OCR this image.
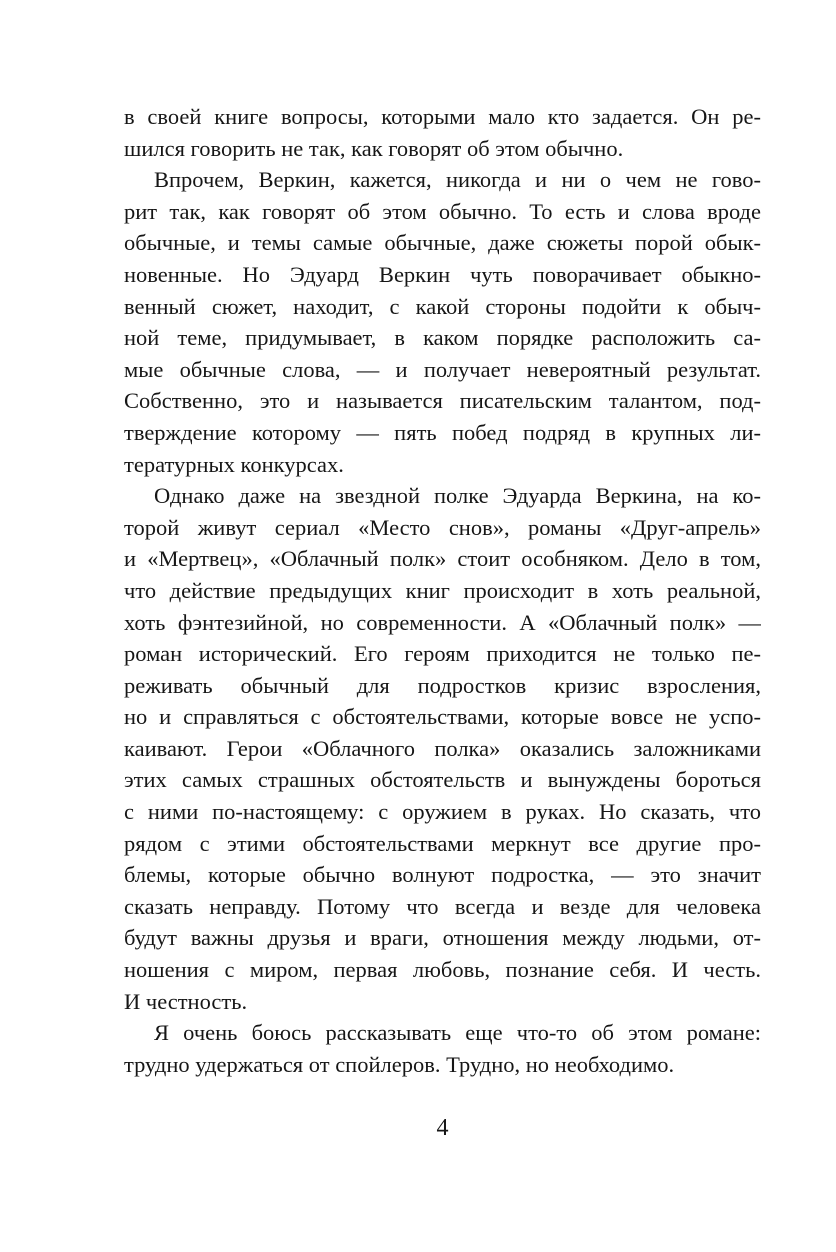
в своей книге вопросы, которыми мало кто задается. Он ре-
шился говорить не так, как говорят об этом обычно.
Впрочем, Веркин, кажется, никогда и ни о чем не гово-
рит так, как говорят об этом обычно. То есть и слова вроде
обычные, и темы самые обычные, даже сюжеты порой обык-
новенные. Но Эдуард Веркин чуть поворачивает обыкно-
венный сюжет, находит, с какой стороны подойти к обыч-
ной теме, придумывает, в каком порядке расположить са-
мые обычные слова, — и получает невероятный результат.
Собственно, это и называется писательским талантом, под-
тверждение которому — пять побед подряд в крупных ли-
тературных конкурсах.
Однако даже на звездной полке Эдуарда Веркина, на ко-
торой живут сериал «Место снов», романы «Друг-апрель»
и «Мертвец», «Облачный полк» стоит особняком. Дело в том,
что действие предыдущих книг происходит в хоть реальной,
хоть фэнтезийной, но современности. А «Облачный полк» —
роман исторический. Его героям приходится не только пе-
реживать обычный для подростков кризис взросления,
но и справляться с обстоятельствами, которые вовсе не успо-
каивают. Герои «Облачного полка» оказались заложниками
этих самых страшных обстоятельств и вынуждены бороться
с ними по-настоящему: с оружием в руках. Но сказать, что
рядом с этими обстоятельствами меркнут все другие про-
блемы, которые обычно волнуют подростка, — это значит
сказать неправду. Потому что всегда и везде для человека
будут важны друзья и враги, отношения между людьми, от-
ношения с миром, первая любовь, познание себя. И честь.
И честность.
Я очень боюсь рассказывать еще что-то об этом романе:
трудно удержаться от спойлеров. Трудно, но необходимо.
4
